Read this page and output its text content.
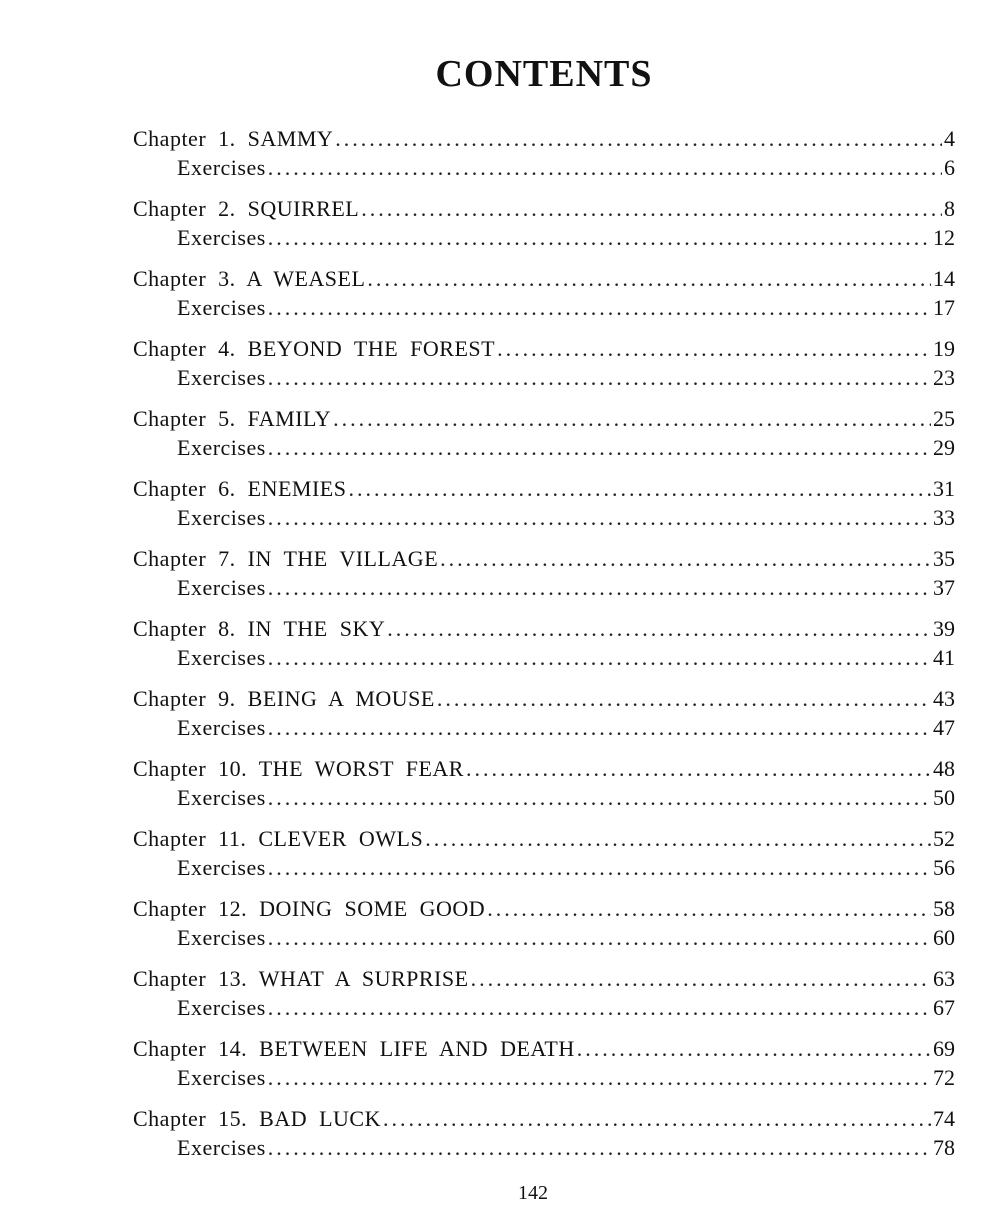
CONTENTS
Chapter  1.  SAMMY .....	4
Exercises .....	6
Chapter  2.  SQUIRREL .....	8
Exercises .....	12
Chapter  3.  A  WEASEL .....	14
Exercises .....	17
Chapter  4.  BEYOND  THE  FOREST .....	19
Exercises .....	23
Chapter  5.  FAMILY .....	25
Exercises .....	29
Chapter  6.  ENEMIES .....	31
Exercises .....	33
Chapter  7.  IN  THE  VILLAGE .....	35
Exercises .....	37
Chapter  8.  IN  THE  SKY .....	39
Exercises .....	41
Chapter  9.  BEING  A  MOUSE .....	43
Exercises .....	47
Chapter  10.  THE  WORST  FEAR .....	48
Exercises .....	50
Chapter  11.  CLEVER  OWLS .....	52
Exercises .....	56
Chapter  12.  DOING  SOME  GOOD .....	58
Exercises .....	60
Chapter  13.  WHAT  A  SURPRISE .....	63
Exercises .....	67
Chapter  14.  BETWEEN  LIFE  AND  DEATH .....	69
Exercises .....	72
Chapter  15.  BAD  LUCK .....	74
Exercises .....	78
142
